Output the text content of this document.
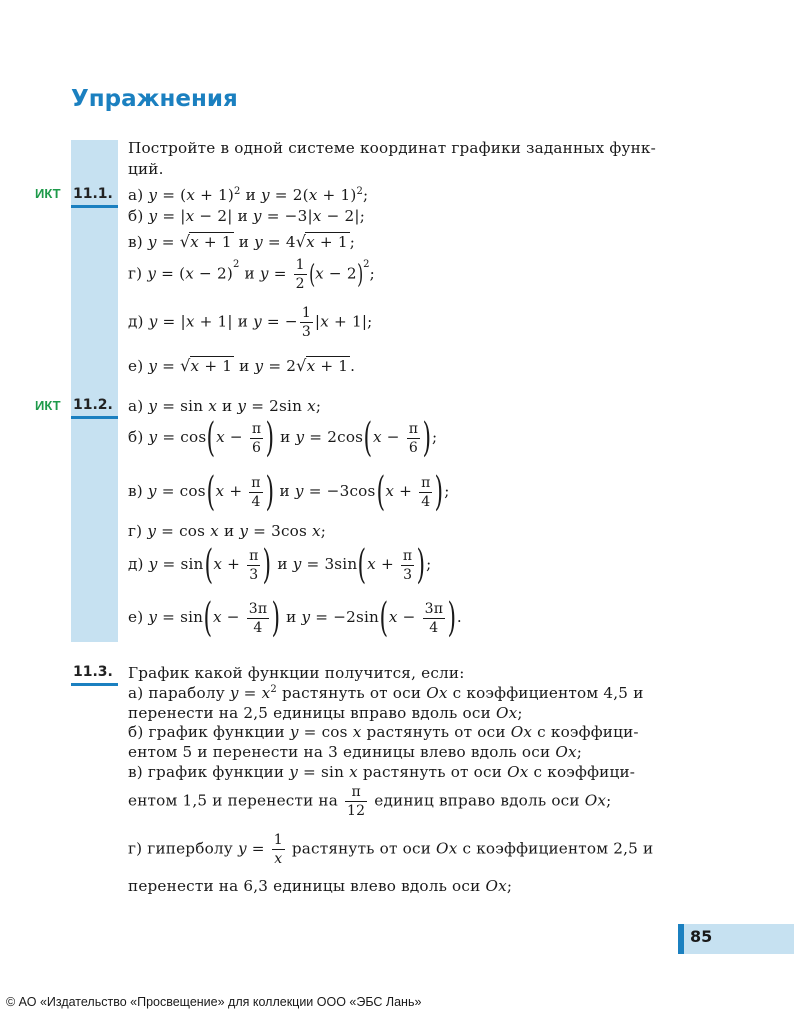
Упражнения
Постройте в одной системе координат графики заданных функ-
ций.
ИКТ 11.1. а) $y = (x + 1)^2$ и $y = 2(x + 1)^2$;
б) y = |x − 2| и y = −3|x − 2|;
в) y = √x + 1 и y = 4√x + 1 ;
г) $y = (x - 2)^2$ и $y = \frac{1}{2} (x - 2)^2$;
д) y = |x + 1| и y = − $\frac{1}{3} |x + 1|$;
е) y = √x + 1 и y = 2√x + 1 .
ИКТ 11.2. а) y = sin x и y = 2sin x;
б) $y = \cos(x - \frac{\pi}{6}$ ) и $y = 2\cos(x - \frac{\pi}{6}$ );
в) $y = \cos(x + \frac{\pi}{4}$ ) и $y = -3\cos(x + \frac{\pi}{4}$ );
г) y = cos x и y = 3cos x;
д) $y = \sin(x + \frac{\pi}{3}$ ) и $y = 3\sin(x + \frac{\pi}{3}$ );
е) $y = \sin(x - \frac{3\pi}{4}$ ) и $y = -2\sin(x - \frac{3\pi}{4}$ ).
11.3. График какой функции получится, если:
а) параболу $y = x^2$ растянуть от оси Ox с коэффициентом 4,5 и
перенести на 2,5 единицы вправо вдоль оси Ox;
б) график функции y = cos x растянуть от оси Ox с коэффици-
ентом 5 и перенести на 3 единицы влево вдоль оси Ox;
в) график функции y = sin x растянуть от оси Ox с коэффици-
ентом 1,5 и перенести на $\frac{\pi}{12}$ единиц вправо вдоль оси Ox;
г) гиперболу $y = \frac{1}{x}$ растянуть от оси Ox с коэффициентом 2,5 и
перенести на 6,3 единицы влево вдоль оси Ox;
85
© АО «Издательство «Просвещение» для коллекции ООО «ЭБС Лань»
